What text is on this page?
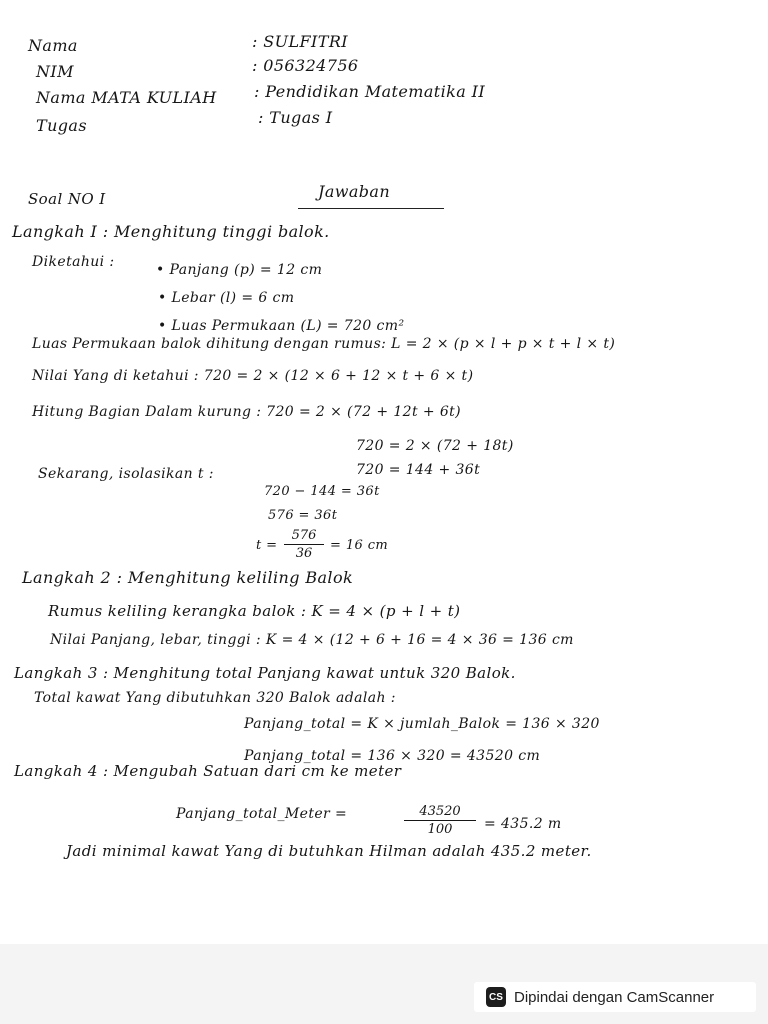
Nama	: SULFITRI
NIM	: 056324756
Nama MATA KULIAH : Pendidikan Matematika II
Tugas	: Tugas I
Soal NO I	Jawaban
Langkah I : Menghitung tinggi balok.
Diketahui :	• Panjang (p) = 12 cm
• Lebar (l) = 6 cm
• Luas Permukaan (L) = 720 cm²
Luas Permukaan balok dihitung dengan rumus: L = 2 × (p × l + p × t + l × t)
Nilai Yang di ketahui : 720 = 2 × (12 × 6 + 12 × t + 6 × t)
Hitung Bagian Dalam kurung : 720 = 2 × (72 + 12t + 6t)
720 = 2 × (72 + 18t)
720 = 144 + 36t
Sekarang, isolasikan t :
720 − 144 = 36t
576 = 36t
$t = \frac{576}{36} = 16$ cm
Langkah 2 : Menghitung keliling Balok
Rumus keliling kerangka balok : K = 4 × (p + l + t)
Nilai Panjang, lebar, tinggi : K = 4 × (12 + 6 + 16 = 4 × 36 = 136 cm
Langkah 3 : Menghitung total Panjang kawat untuk 320 Balok.
Total kawat Yang dibutuhkan 320 Balok adalah :
Panjang_total = K × jumlah_Balok = 136 × 320
Panjang_total = 136 × 320 = 43520 cm
Langkah 4 : Mengubah Satuan dari cm ke meter
Panjang_total_Meter =	$\frac{43520}{100} = 435.2$ m
Jadi minimal kawat Yang di butuhkan Hilman adalah 435.2 meter.
CS Dipindai dengan CamScanner
